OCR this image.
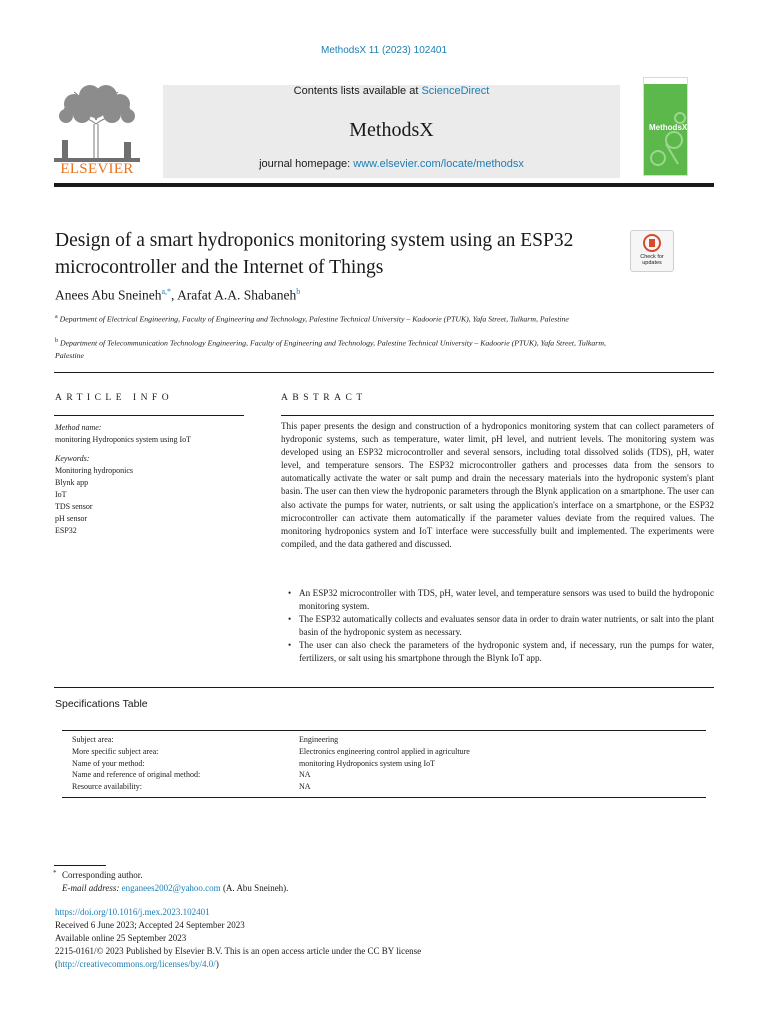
MethodsX 11 (2023) 102401
ELSEVIER
Contents lists available at ScienceDirect
MethodsX
journal homepage: www.elsevier.com/locate/methodsx
MethodsX
Design of a smart hydroponics monitoring system using an ESP32 microcontroller and the Internet of Things	Check for
updates
Anees Abu Sneineh$^{a,*}$, Arafat A.A. Shabaneh$^b$
$^a$ Department of Electrical Engineering, Faculty of Engineering and Technology, Palestine Technical University – Kadoorie (PTUK), Yafa Street, Tulkarm, Palestine
$^b$ Department of Telecommunication Technology Engineering, Faculty of Engineering and Technology, Palestine Technical University – Kadoorie (PTUK), Yafa Street, Tulkarm, Palestine
ARTICLE INFO
Method name:
monitoring Hydroponics system using IoT
Keywords:
Monitoring hydroponics
Blynk app
IoT
TDS sensor
pH sensor
ESP32
ABSTRACT
This paper presents the design and construction of a hydroponics monitoring system that can collect parameters of hydroponic systems, such as temperature, water limit, pH level, and nutrient levels. The monitoring system was developed using an ESP32 microcontroller and several sensors, including total dissolved solids (TDS), pH, water level, and temperature sensors. The ESP32 microcontroller gathers and processes data from the sensors to automatically activate the water or salt pump and drain the necessary materials into the hydroponic system's plant basin. The user can then view the hydroponic parameters through the Blynk application on a smartphone. The user can also activate the pumps for water, nutrients, or salt using the application's interface on a smartphone, or the ESP32 microcontroller can activate them automatically if the parameter values deviate from the required values. The monitoring hydroponics system and IoT interface were successfully built and implemented. The experiments were compiled, and the data gathered and discussed.
• An ESP32 microcontroller with TDS, pH, water level, and temperature sensors was used to build the hydroponic monitoring system.
• The ESP32 automatically collects and evaluates sensor data in order to drain water nutrients, or salt into the plant basin of the hydroponic system as necessary.
• The user can also check the parameters of the hydroponic system and, if necessary, run the pumps for water, fertilizers, or salt using his smartphone through the Blynk IoT app.
Specifications Table
Subject area:	Engineering
More specific subject area:	Electronics engineering control applied in agriculture
Name of your method:	monitoring Hydroponics system using IoT
Name and reference of original method:	NA
Resource availability:	NA
* Corresponding author.
E-mail address: enganees2002@yahoo.com (A. Abu Sneineh).
https://doi.org/10.1016/j.mex.2023.102401
Received 6 June 2023; Accepted 24 September 2023
Available online 25 September 2023
2215-0161/© 2023 Published by Elsevier B.V. This is an open access article under the CC BY license
(http://creativecommons.org/licenses/by/4.0/)
